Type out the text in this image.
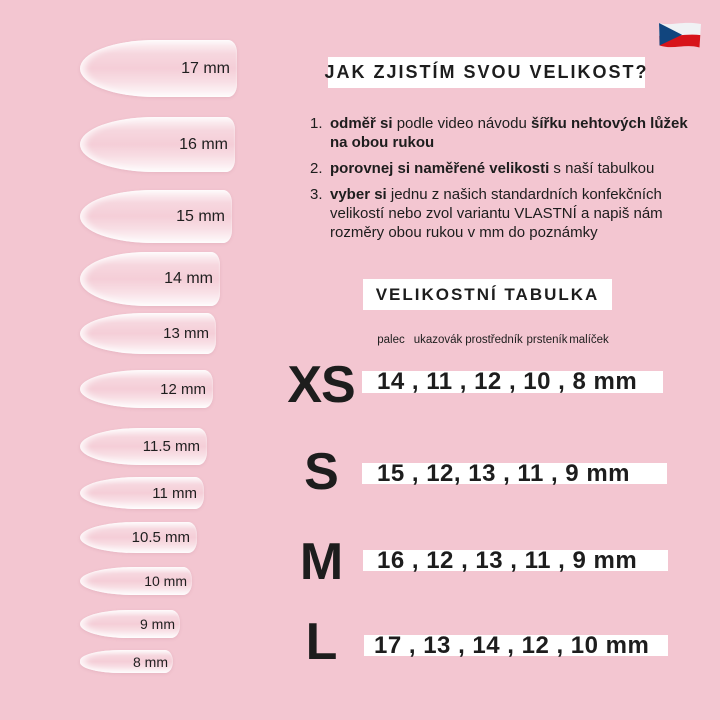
17 mm
16 mm
15 mm
14 mm
13 mm
12 mm
11.5 mm
11 mm
10.5 mm
10 mm
9 mm
8 mm
JAK ZJISTÍM SVOU VELIKOST?
1. odměř si podle video návodu šířku nehtových lůžek
na obou rukou
2. porovnej si naměřené velikosti s naší tabulkou
3. vyber si jednu z našich standardních konfekčních
velikostí nebo zvol variantu VLASTNÍ a napiš nám
rozměry obou rukou v mm do poznámky
VELIKOSTNÍ TABULKA
palec ukazovák prostředník prsteník malíček
XS 14 , 11 , 12 , 10 , 8 mm
S	15 , 12, 13 , 11 , 9 mm
M	16 , 12 , 13 , 11 , 9 mm
L	17 , 13 , 14 , 12 , 10 mm
